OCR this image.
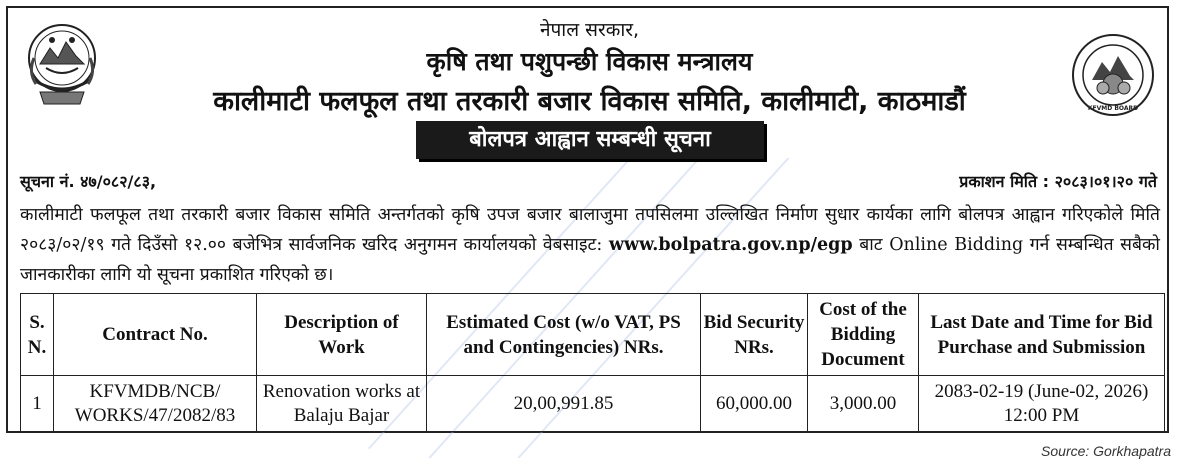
KFVMD BOARD
नेपाल सरकार,
कृषि तथा पशुपन्छी विकास मन्त्रालय
कालीमाटी फलफूल तथा तरकारी बजार विकास समिति, कालीमाटी, काठमाडौं
बोलपत्र आह्वान सम्बन्धी सूचना
सूचना नं. ४७/०८२/८३,	प्रकाशन मिति : २०८३।०१।२० गते
कालीमाटी फलफूल तथा तरकारी बजार विकास समिति अन्तर्गतको कृषि उपज बजार बालाजुमा तपसिलमा उल्लिखित निर्माण सुधार कार्यका लागि बोलपत्र आह्वान गरिएकोले मिति २०८३/०२/१९ गते दिउँसो १२.०० बजेभित्र सार्वजनिक खरिद अनुगमन कार्यालयको वेबसाइट: www.bolpatra.gov.np/egp बाट Online Bidding गर्न सम्बन्धित सबैको जानकारीका लागि यो सूचना प्रकाशित गरिएको छ।
S. N.	Contract No.	Description of Work	Estimated Cost (w/o VAT, PS and Contingencies) NRs.	Bid Security NRs.	Cost of the Bidding Document	Last Date and Time for Bid Purchase and Submission
1	KFVMDB/NCB/ WORKS/47/2082/83	Renovation works at Balaju Bajar	20,00,991.85	60,000.00	3,000.00	2083-02-19 (June-02, 2026) 12:00 PM
Source: Gorkhapatra
